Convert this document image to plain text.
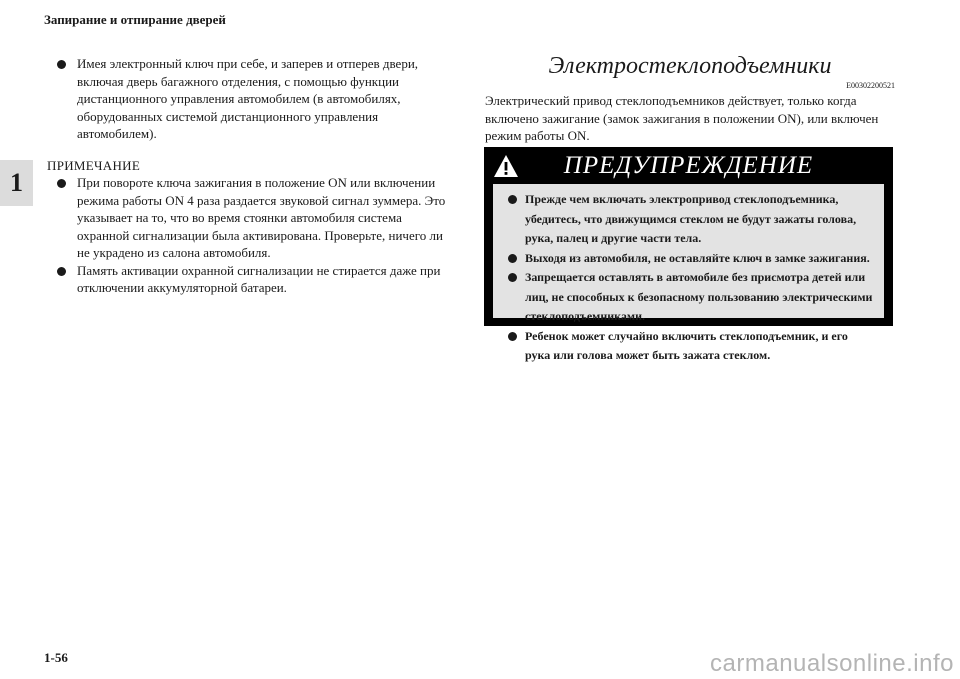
Запирание и отпирание дверей
1
Имея электронный ключ при себе, и заперев и отперев двери, включая дверь багажного отделения, с помощью функции дистанционного управления автомобилем (в автомобилях, оборудованных системой дистанционного управления автомобилем).
ПРИМЕЧАНИЕ
При повороте ключа зажигания в положение ON или включении режима работы ON 4 раза раздается звуковой сигнал зуммера. Это указывает на то, что во время стоянки автомобиля система охранной сигнализации была активирована. Проверьте, ничего ли не украдено из салона автомобиля.
Память активации охранной сигнализации не стирается даже при отключении аккумуляторной батареи.
Электростеклоподъемники
E00302200521
Электрический привод стеклоподъемников действует, только когда включено зажигание (замок зажигания в положении ON), или включен режим работы ON.
ПРЕДУПРЕЖДЕНИЕ
Прежде чем включать электропривод стеклоподъемника, убедитесь, что движущимся стеклом не будут зажаты голова, рука, палец и другие части тела.
Выходя из автомобиля, не оставляйте ключ в замке зажигания.
Запрещается оставлять в автомобиле без присмотра детей или лиц, не способных к безопасному пользованию электрическими стеклоподъемниками.
Ребенок может случайно включить стеклоподъемник, и его рука или голова может быть зажата стеклом.
1-56	carmanualsonline.info
